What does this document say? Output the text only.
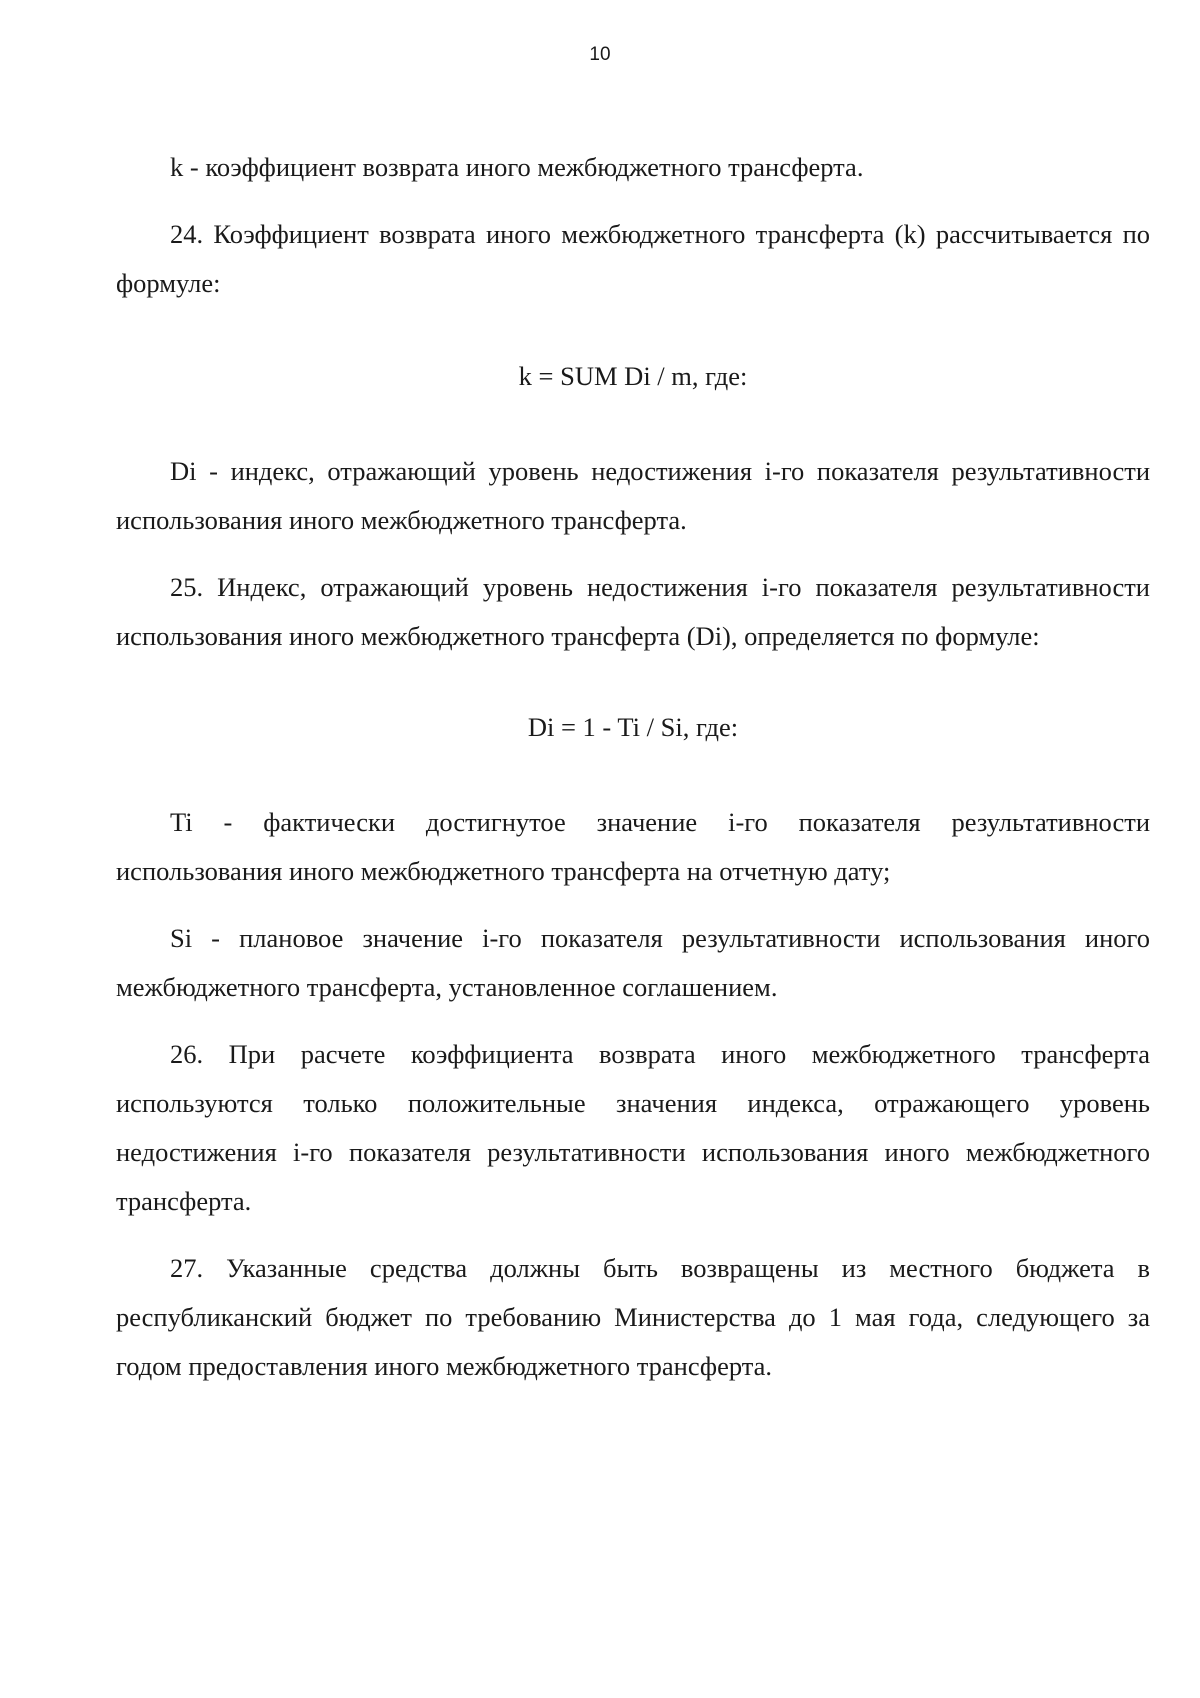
10

k - коэффициент возврата иного межбюджетного трансферта.

24. Коэффициент возврата иного межбюджетного трансферта (k) рассчитывается по формуле:

k = SUM Di / m, где:

Di - индекс, отражающий уровень недостижения i-го показателя результативности использования иного межбюджетного трансферта.

25. Индекс, отражающий уровень недостижения i-го показателя результативности использования иного межбюджетного трансферта (Di), определяется по формуле:

Di = 1 - Ti / Si, где:

Ti - фактически достигнутое значение i-го показателя результативности использования иного межбюджетного трансферта на отчетную дату;

Si - плановое значение i-го показателя результативности использования иного межбюджетного трансферта, установленное соглашением.

26. При расчете коэффициента возврата иного межбюджетного трансферта используются только положительные значения индекса, отражающего уровень недостижения i-го показателя результативности использования иного межбюджетного трансферта.

27. Указанные средства должны быть возвращены из местного бюджета в республиканский бюджет по требованию Министерства до 1 мая года, следующего за годом предоставления иного межбюджетного трансферта.
